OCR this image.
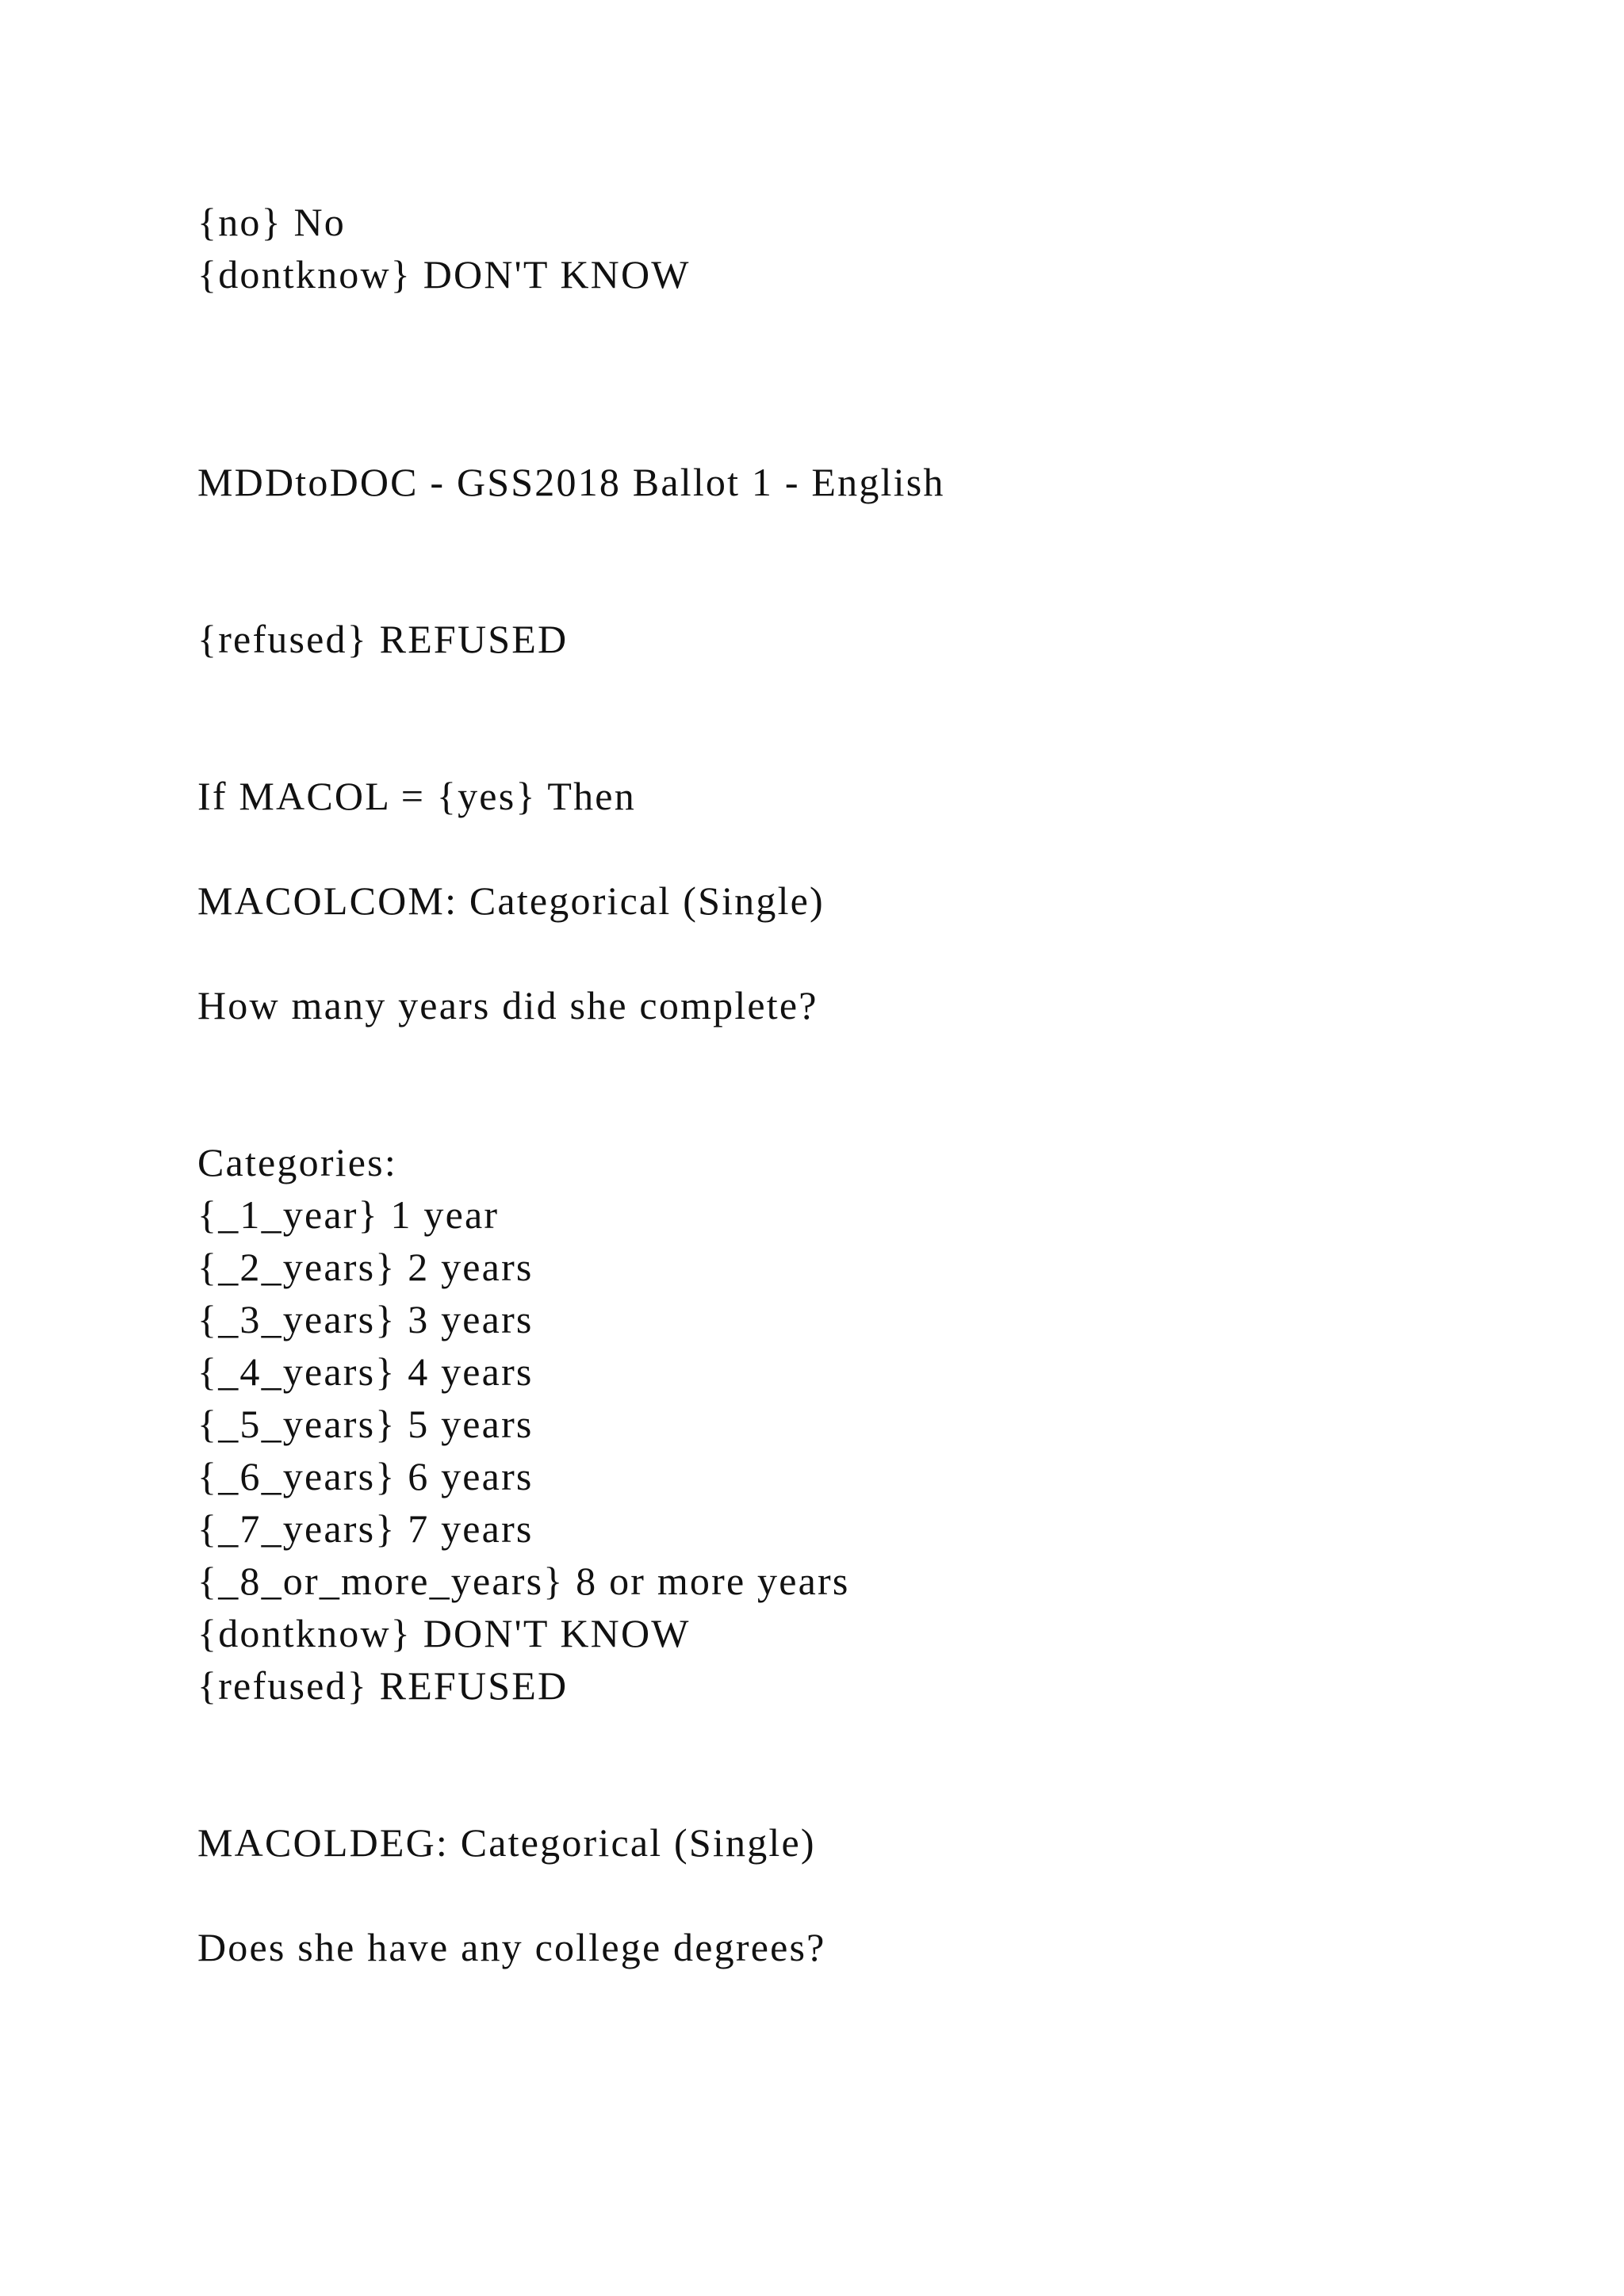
{no} No
{dontknow} DON'T KNOW
MDDtoDOC - GSS2018 Ballot 1 - English
{refused} REFUSED
If MACOL = {yes} Then
MACOLCOM: Categorical (Single)
How many years did she complete?
Categories:
{_1_year} 1 year
{_2_years} 2 years
{_3_years} 3 years
{_4_years} 4 years
{_5_years} 5 years
{_6_years} 6 years
{_7_years} 7 years
{_8_or_more_years} 8 or more years
{dontknow} DON'T KNOW
{refused} REFUSED
MACOLDEG: Categorical (Single)
Does she have any college degrees?
